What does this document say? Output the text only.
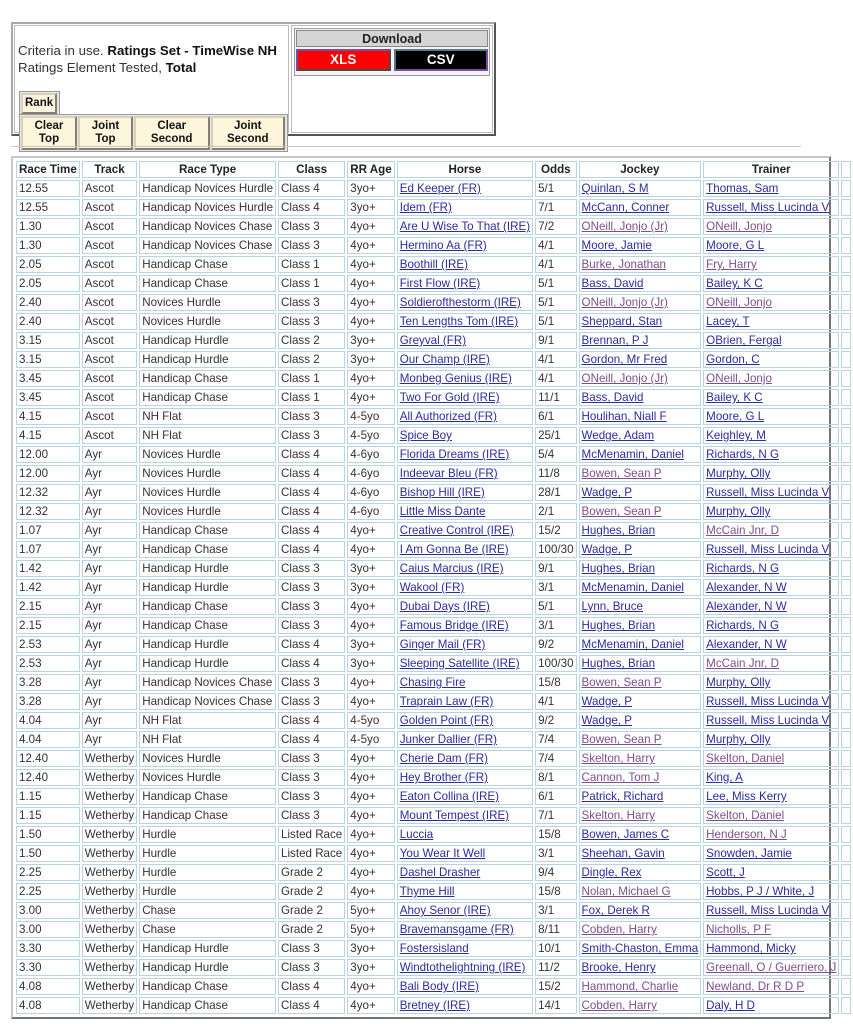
Criteria in use. Ratings Set - TimeWise NH
Ratings Element Tested, Total
Rank
Clear Top
Joint Top
Clear Second
Joint Second
Download
XLS	CSV
Race Time	Track	Race Type	Class	RR Age	Horse	Odds	Jockey	Trainer	
12.55	Ascot	Handicap Novices Hurdle	Class 4	3yo+	Ed Keeper (FR)	5/1	Quinlan, S M	Thomas, Sam	
12.55	Ascot	Handicap Novices Hurdle	Class 4	3yo+	Idem (FR)	7/1	McCann, Conner	Russell, Miss Lucinda V	
1.30	Ascot	Handicap Novices Chase	Class 3	4yo+	Are U Wise To That (IRE)	7/2	ONeill, Jonjo (Jr)	ONeill, Jonjo	
1.30	Ascot	Handicap Novices Chase	Class 3	4yo+	Hermino Aa (FR)	4/1	Moore, Jamie	Moore, G L	
2.05	Ascot	Handicap Chase	Class 1	4yo+	Boothill (IRE)	4/1	Burke, Jonathan	Fry, Harry	
2.05	Ascot	Handicap Chase	Class 1	4yo+	First Flow (IRE)	5/1	Bass, David	Bailey, K C	
2.40	Ascot	Novices Hurdle	Class 3	4yo+	Soldierofthestorm (IRE)	5/1	ONeill, Jonjo (Jr)	ONeill, Jonjo	
2.40	Ascot	Novices Hurdle	Class 3	4yo+	Ten Lengths Tom (IRE)	5/1	Sheppard, Stan	Lacey, T	
3.15	Ascot	Handicap Hurdle	Class 2	3yo+	Greyval (FR)	9/1	Brennan, P J	OBrien, Fergal	
3.15	Ascot	Handicap Hurdle	Class 2	3yo+	Our Champ (IRE)	4/1	Gordon, Mr Fred	Gordon, C	
3.45	Ascot	Handicap Chase	Class 1	4yo+	Monbeg Genius (IRE)	4/1	ONeill, Jonjo (Jr)	ONeill, Jonjo	
3.45	Ascot	Handicap Chase	Class 1	4yo+	Two For Gold (IRE)	11/1	Bass, David	Bailey, K C	
4.15	Ascot	NH Flat	Class 3	4-5yo	All Authorized (FR)	6/1	Houlihan, Niall F	Moore, G L	
4.15	Ascot	NH Flat	Class 3	4-5yo	Spice Boy	25/1	Wedge, Adam	Keighley, M	
12.00	Ayr	Novices Hurdle	Class 4	4-6yo	Florida Dreams (IRE)	5/4	McMenamin, Daniel	Richards, N G	
12.00	Ayr	Novices Hurdle	Class 4	4-6yo	Indeevar Bleu (FR)	11/8	Bowen, Sean P	Murphy, Olly	
12.32	Ayr	Novices Hurdle	Class 4	4-6yo	Bishop Hill (IRE)	28/1	Wadge, P	Russell, Miss Lucinda V	
12.32	Ayr	Novices Hurdle	Class 4	4-6yo	Little Miss Dante	2/1	Bowen, Sean P	Murphy, Olly	
1.07	Ayr	Handicap Chase	Class 4	4yo+	Creative Control (IRE)	15/2	Hughes, Brian	McCain Jnr, D	
1.07	Ayr	Handicap Chase	Class 4	4yo+	I Am Gonna Be (IRE)	100/30	Wadge, P	Russell, Miss Lucinda V	
1.42	Ayr	Handicap Hurdle	Class 3	3yo+	Caius Marcius (IRE)	9/1	Hughes, Brian	Richards, N G	
1.42	Ayr	Handicap Hurdle	Class 3	3yo+	Wakool (FR)	3/1	McMenamin, Daniel	Alexander, N W	
2.15	Ayr	Handicap Chase	Class 3	4yo+	Dubai Days (IRE)	5/1	Lynn, Bruce	Alexander, N W	
2.15	Ayr	Handicap Chase	Class 3	4yo+	Famous Bridge (IRE)	3/1	Hughes, Brian	Richards, N G	
2.53	Ayr	Handicap Hurdle	Class 4	3yo+	Ginger Mail (FR)	9/2	McMenamin, Daniel	Alexander, N W	
2.53	Ayr	Handicap Hurdle	Class 4	3yo+	Sleeping Satellite (IRE)	100/30	Hughes, Brian	McCain Jnr, D	
3.28	Ayr	Handicap Novices Chase	Class 3	4yo+	Chasing Fire	15/8	Bowen, Sean P	Murphy, Olly	
3.28	Ayr	Handicap Novices Chase	Class 3	4yo+	Traprain Law (FR)	4/1	Wadge, P	Russell, Miss Lucinda V	
4.04	Ayr	NH Flat	Class 4	4-5yo	Golden Point (FR)	9/2	Wadge, P	Russell, Miss Lucinda V	
4.04	Ayr	NH Flat	Class 4	4-5yo	Junker Dallier (FR)	7/4	Bowen, Sean P	Murphy, Olly	
12.40	Wetherby	Novices Hurdle	Class 3	4yo+	Cherie Dam (FR)	7/4	Skelton, Harry	Skelton, Daniel	
12.40	Wetherby	Novices Hurdle	Class 3	4yo+	Hey Brother (FR)	8/1	Cannon, Tom J	King, A	
1.15	Wetherby	Handicap Chase	Class 3	4yo+	Eaton Collina (IRE)	6/1	Patrick, Richard	Lee, Miss Kerry	
1.15	Wetherby	Handicap Chase	Class 3	4yo+	Mount Tempest (IRE)	7/1	Skelton, Harry	Skelton, Daniel	
1.50	Wetherby	Hurdle	Listed Race	4yo+	Luccia	15/8	Bowen, James C	Henderson, N J	
1.50	Wetherby	Hurdle	Listed Race	4yo+	You Wear It Well	3/1	Sheehan, Gavin	Snowden, Jamie	
2.25	Wetherby	Hurdle	Grade 2	4yo+	Dashel Drasher	9/4	Dingle, Rex	Scott, J	
2.25	Wetherby	Hurdle	Grade 2	4yo+	Thyme Hill	15/8	Nolan, Michael G	Hobbs, P J / White, J	
3.00	Wetherby	Chase	Grade 2	5yo+	Ahoy Senor (IRE)	3/1	Fox, Derek R	Russell, Miss Lucinda V	
3.00	Wetherby	Chase	Grade 2	5yo+	Bravemansgame (FR)	8/11	Cobden, Harry	Nicholls, P F	
3.30	Wetherby	Handicap Hurdle	Class 3	3yo+	Fostersisland	10/1	Smith-Chaston, Emma	Hammond, Micky	
3.30	Wetherby	Handicap Hurdle	Class 3	3yo+	Windtothelightning (IRE)	11/2	Brooke, Henry	Greenall, O / Guerriero, J	
4.08	Wetherby	Handicap Chase	Class 4	4yo+	Bali Body (IRE)	15/2	Hammond, Charlie	Newland, Dr R D P	
4.08	Wetherby	Handicap Chase	Class 4	4yo+	Bretney (IRE)	14/1	Cobden, Harry	Daly, H D	
